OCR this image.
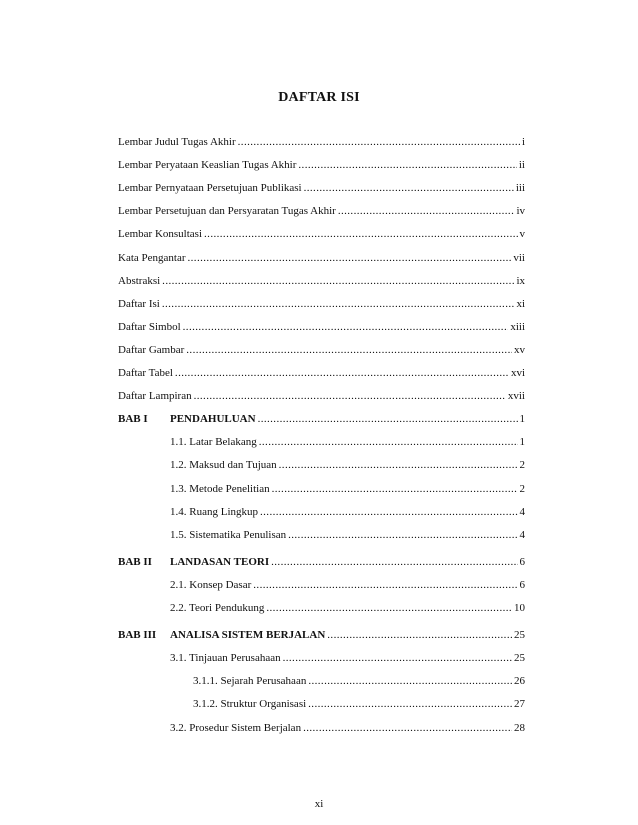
DAFTAR ISI
Lembar Judul Tugas Akhir .....	i
Lembar Peryataan Keaslian Tugas Akhir .....	ii
Lembar Pernyataan Persetujuan Publikasi .....	iii
Lembar Persetujuan dan Persyaratan Tugas Akhir .....	iv
Lembar Konsultasi .....	v
Kata Pengantar .....	vii
Abstraksi .....	ix
Daftar Isi .....	xi
Daftar Simbol .....	xiii
Daftar Gambar .....	xv
Daftar Tabel .....	xvi
Daftar Lampiran .....	xvii
BAB I	PENDAHULUAN .....	1
1.1. Latar Belakang .....	1
1.2. Maksud dan Tujuan .....	2
1.3. Metode Penelitian .....	2
1.4. Ruang Lingkup .....	4
1.5. Sistematika Penulisan .....	4
BAB II	LANDASAN TEORI .....	6
2.1. Konsep Dasar .....	6
2.2. Teori Pendukung .....	10
BAB III	ANALISA SISTEM BERJALAN .....	25
3.1. Tinjauan Perusahaan .....	25
3.1.1. Sejarah Perusahaan .....	26
3.1.2. Struktur Organisasi .....	27
3.2. Prosedur Sistem Berjalan .....	28
xi
